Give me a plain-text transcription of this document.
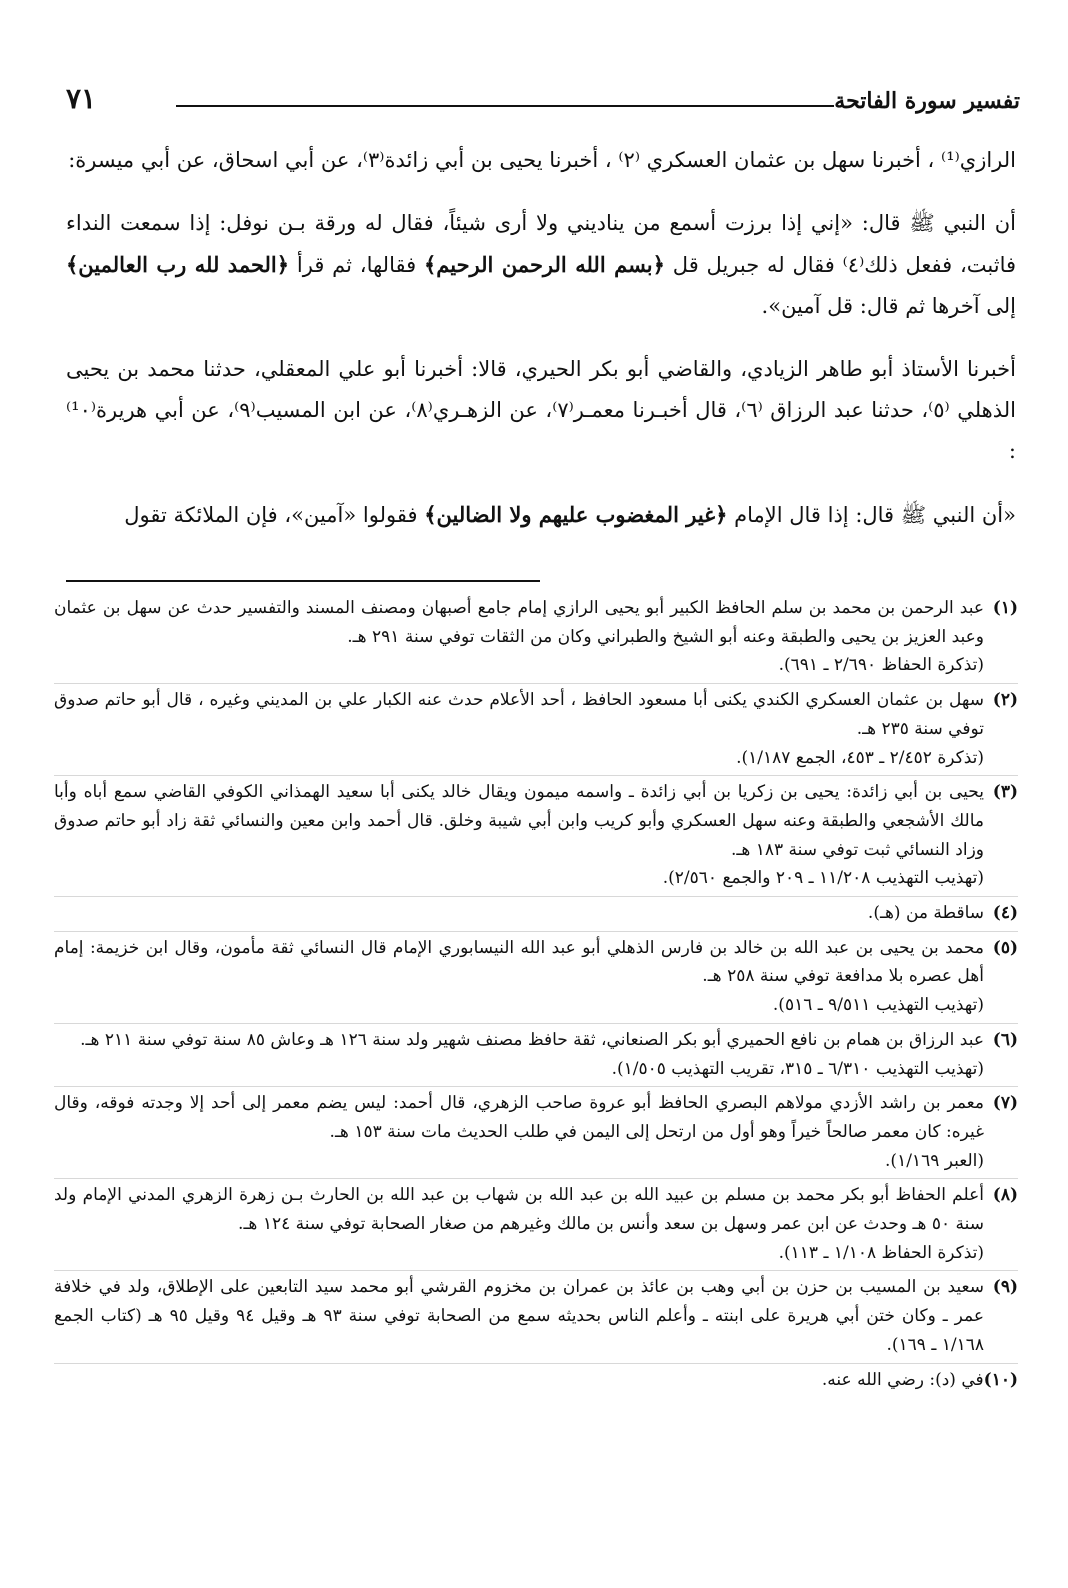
تفسير سورة الفاتحة
٧١

الرازي⁽¹⁾ ، أخبرنا سهل بن عثمان العسكري ⁽٢⁾ ، أخبرنا يحيى بن أبي زائدة⁽٣⁾، عن أبي اسحاق، عن أبي ميسرة:

أن النبي ﷺ قال: «إني إذا برزت أسمع من يناديني ولا أرى شيئاً، فقال له ورقة بـن نوفل: إذا سمعت النداء فاثبت، ففعل ذلك⁽٤⁾ فقال له جبريل قل ﴿بسم الله الرحمن الرحيم﴾ فقالها، ثم قرأ ﴿الحمد لله رب العالمين﴾ إلى آخرها ثم قال: قل آمين».

أخبرنا الأستاذ أبو طاهر الزيادي، والقاضي أبو بكر الحيري، قالا: أخبرنا أبو علي المعقلي، حدثنا محمد بن يحيى الذهلي ⁽٥⁾، حدثنا عبد الرزاق ⁽٦⁾، قال أخبـرنا معمـر⁽٧⁾، عن الزهـري⁽٨⁾، عن ابن المسيب⁽٩⁾، عن أبي هريرة⁽¹٠⁾ :

«أن النبي ﷺ قال: إذا قال الإمام ﴿غير المغضوب عليهم ولا الضالين﴾ فقولوا «آمين»، فإن الملائكة تقول

(١)
عبد الرحمن بن محمد بن سلم الحافظ الكبير أبو يحيى الرازي إمام جامع أصبهان ومصنف المسند والتفسير حدث عن سهل بن عثمان وعبد العزيز بن يحيى والطبقة وعنه أبو الشيخ والطبراني وكان من الثقات توفي سنة ٢٩١ هـ.
(تذكرة الحفاظ ٢/٦٩٠ ـ ٦٩١).
(٢)
سهل بن عثمان العسكري الكندي يكنى أبا مسعود الحافظ ، أحد الأعلام حدث عنه الكبار علي بن المديني وغيره ، قال أبو حاتم صدوق توفي سنة ٢٣٥ هـ.
(تذكرة ٢/٤٥٢ ـ ٤٥٣، الجمع ١/١٨٧).
(٣)
يحيى بن أبي زائدة: يحيى بن زكريا بن أبي زائدة ـ واسمه ميمون ويقال خالد يكنى أبا سعيد الهمذاني الكوفي القاضي سمع أباه وأبا مالك الأشجعي والطبقة وعنه سهل العسكري وأبو كريب وابن أبي شيبة وخلق. قال أحمد وابن معين والنسائي ثقة زاد أبو حاتم صدوق وزاد النسائي ثبت توفي سنة ١٨٣ هـ.
(تهذيب التهذيب ١١/٢٠٨ ـ ٢٠٩ والجمع ٢/٥٦٠).
(٤)
ساقطة من (هـ).
(٥)
محمد بن يحيى بن عبد الله بن خالد بن فارس الذهلي أبو عبد الله النيسابوري الإمام قال النسائي ثقة مأمون، وقال ابن خزيمة: إمام أهل عصره بلا مدافعة توفي سنة ٢٥٨ هـ.
(تهذيب التهذيب ٩/٥١١ ـ ٥١٦).
(٦)
عبد الرزاق بن همام بن نافع الحميري أبو بكر الصنعاني، ثقة حافظ مصنف شهير ولد سنة ١٢٦ هـ وعاش ٨٥ سنة توفي سنة ٢١١ هـ.
(تهذيب التهذيب ٦/٣١٠ ـ ٣١٥، تقريب التهذيب ١/٥٠٥).
(٧)
معمر بن راشد الأزدي مولاهم البصري الحافظ أبو عروة صاحب الزهري، قال أحمد: ليس يضم معمر إلى أحد إلا وجدته فوقه، وقال غيره: كان معمر صالحاً خيراً وهو أول من ارتحل إلى اليمن في طلب الحديث مات سنة ١٥٣ هـ.
(العبر ١/١٦٩).
(٨)
أعلم الحفاظ أبو بكر محمد بن مسلم بن عبيد الله بن عبد الله بن شهاب بن عبد الله بن الحارث بـن زهرة الزهري المدني الإمام ولد سنة ٥٠ هـ وحدث عن ابن عمر وسهل بن سعد وأنس بن مالك وغيرهم من صغار الصحابة توفي سنة ١٢٤ هـ.
(تذكرة الحفاظ ١/١٠٨ ـ ١١٣).
(٩)
سعيد بن المسيب بن حزن بن أبي وهب بن عائذ بن عمران بن مخزوم القرشي أبو محمد سيد التابعين على الإطلاق، ولد في خلافة عمر ـ وكان ختن أبي هريرة على ابنته ـ وأعلم الناس بحديثه سمع من الصحابة توفي سنة ٩٣ هـ وقيل ٩٤ وقيل ٩٥ هـ (كتاب الجمع ١/١٦٨ ـ ١٦٩).
(١٠)
في (د): رضي الله عنه.
